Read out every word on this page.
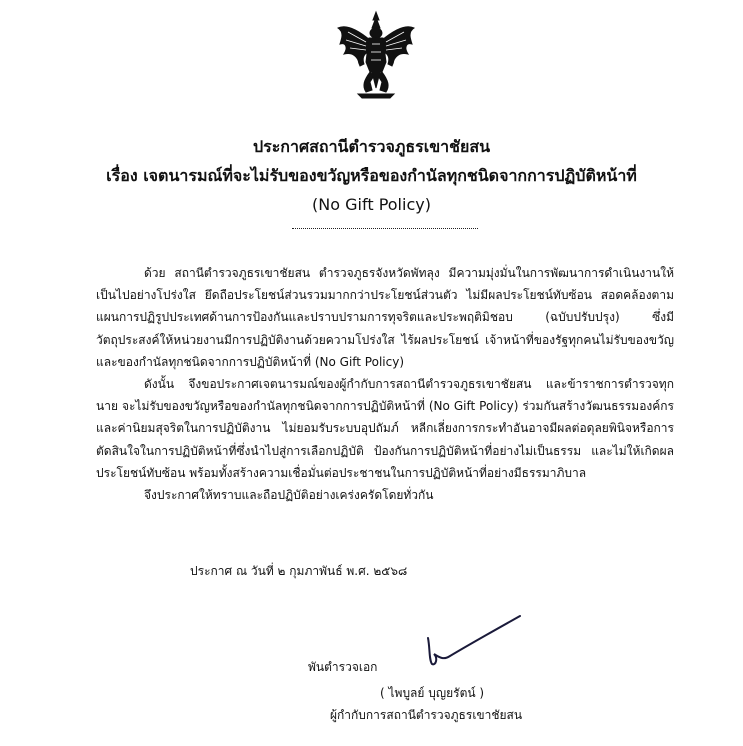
ประกาศสถานีตำรวจภูธรเขาชัยสน
เรื่อง เจตนารมณ์ที่จะไม่รับของขวัญหรือของกำนัลทุกชนิดจากการปฏิบัติหน้าที่
(No Gift Policy)

ด้วย สถานีตำรวจภูธรเขาชัยสน ตำรวจภูธรจังหวัดพัทลุง มีความมุ่งมั่นในการพัฒนาการดำเนินงานให้เป็นไปอย่างโปร่งใส ยึดถือประโยชน์ส่วนรวมมากกว่าประโยชน์ส่วนตัว ไม่มีผลประโยชน์ทับซ้อน สอดคล้องตามแผนการปฏิรูปประเทศด้านการป้องกันและปราบปรามการทุจริตและประพฤติมิชอบ (ฉบับปรับปรุง) ซึ่งมีวัตถุประสงค์ให้หน่วยงานมีการปฏิบัติงานด้วยความโปร่งใส ไร้ผลประโยชน์ เจ้าหน้าที่ของรัฐทุกคนไม่รับของขวัญและของกำนัลทุกชนิดจากการปฏิบัติหน้าที่ (No Gift Policy)

ดังนั้น จึงขอประกาศเจตนารมณ์ของผู้กำกับการสถานีตำรวจภูธรเขาชัยสน และข้าราชการตำรวจทุกนาย จะไม่รับของขวัญหรือของกำนัลทุกชนิดจากการปฏิบัติหน้าที่ (No Gift Policy) ร่วมกันสร้างวัฒนธรรมองค์กร และค่านิยมสุจริตในการปฏิบัติงาน ไม่ยอมรับระบบอุปถัมภ์ หลีกเลี่ยงการกระทำอันอาจมีผลต่อดุลยพินิจหรือการตัดสินใจในการปฏิบัติหน้าที่ซึ่งนำไปสู่การเลือกปฏิบัติ ป้องกันการปฏิบัติหน้าที่อย่างไม่เป็นธรรม และไม่ให้เกิดผลประโยชน์ทับซ้อน พร้อมทั้งสร้างความเชื่อมั่นต่อประชาชนในการปฏิบัติหน้าที่อย่างมีธรรมาภิบาล

จึงประกาศให้ทราบและถือปฏิบัติอย่างเคร่งครัดโดยทั่วกัน

ประกาศ ณ วันที่ ๒ กุมภาพันธ์ พ.ศ. ๒๕๖๘
พันตำรวจเอก
( ไพบูลย์ บุญยรัตน์ )
ผู้กำกับการสถานีตำรวจภูธรเขาชัยสน
